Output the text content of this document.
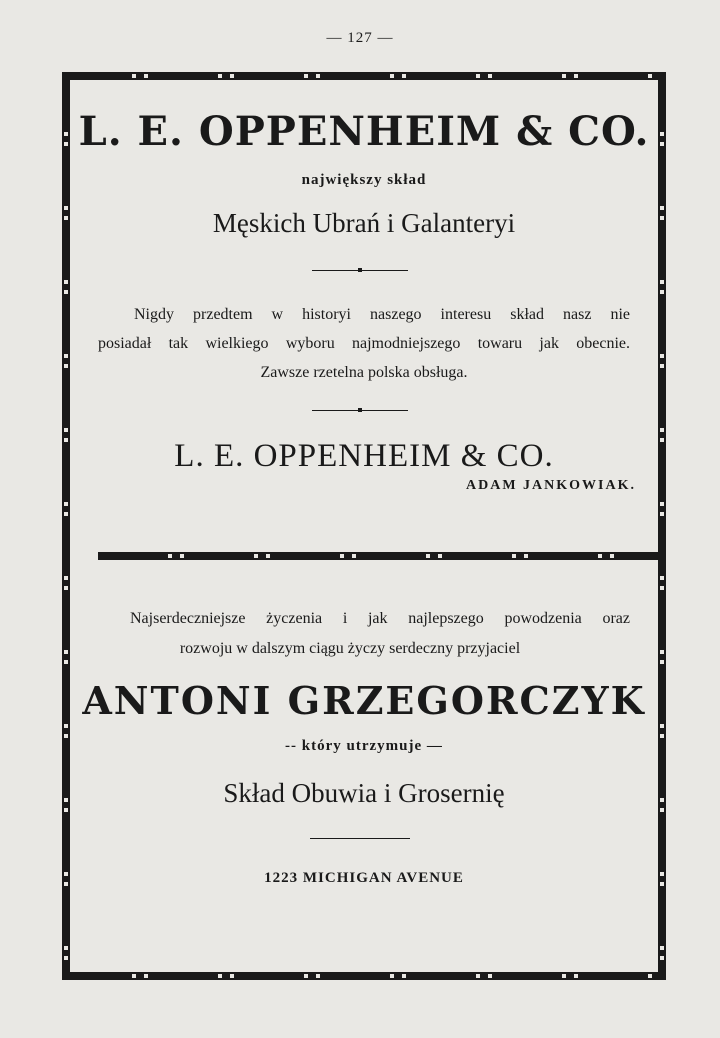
— 127 —
L. E. OPPENHEIM & CO.
największy skład
Męskich Ubrań i Galanteryi
Nigdy przedtem w historyi naszego interesu skład nasz nie
posiadał tak wielkiego wyboru najmodniejszego towaru jak obecnie.
Zawsze rzetelna polska obsługa.
L. E. OPPENHEIM & CO.
ADAM JANKOWIAK.
Najserdeczniejsze życzenia i jak najlepszego powodzenia oraz
rozwoju w dalszym ciągu życzy serdeczny przyjaciel
ANTONI GRZEGORCZYK
-- który utrzymuje —
Skład Obuwia i Grosernię
1223 MICHIGAN AVENUE
